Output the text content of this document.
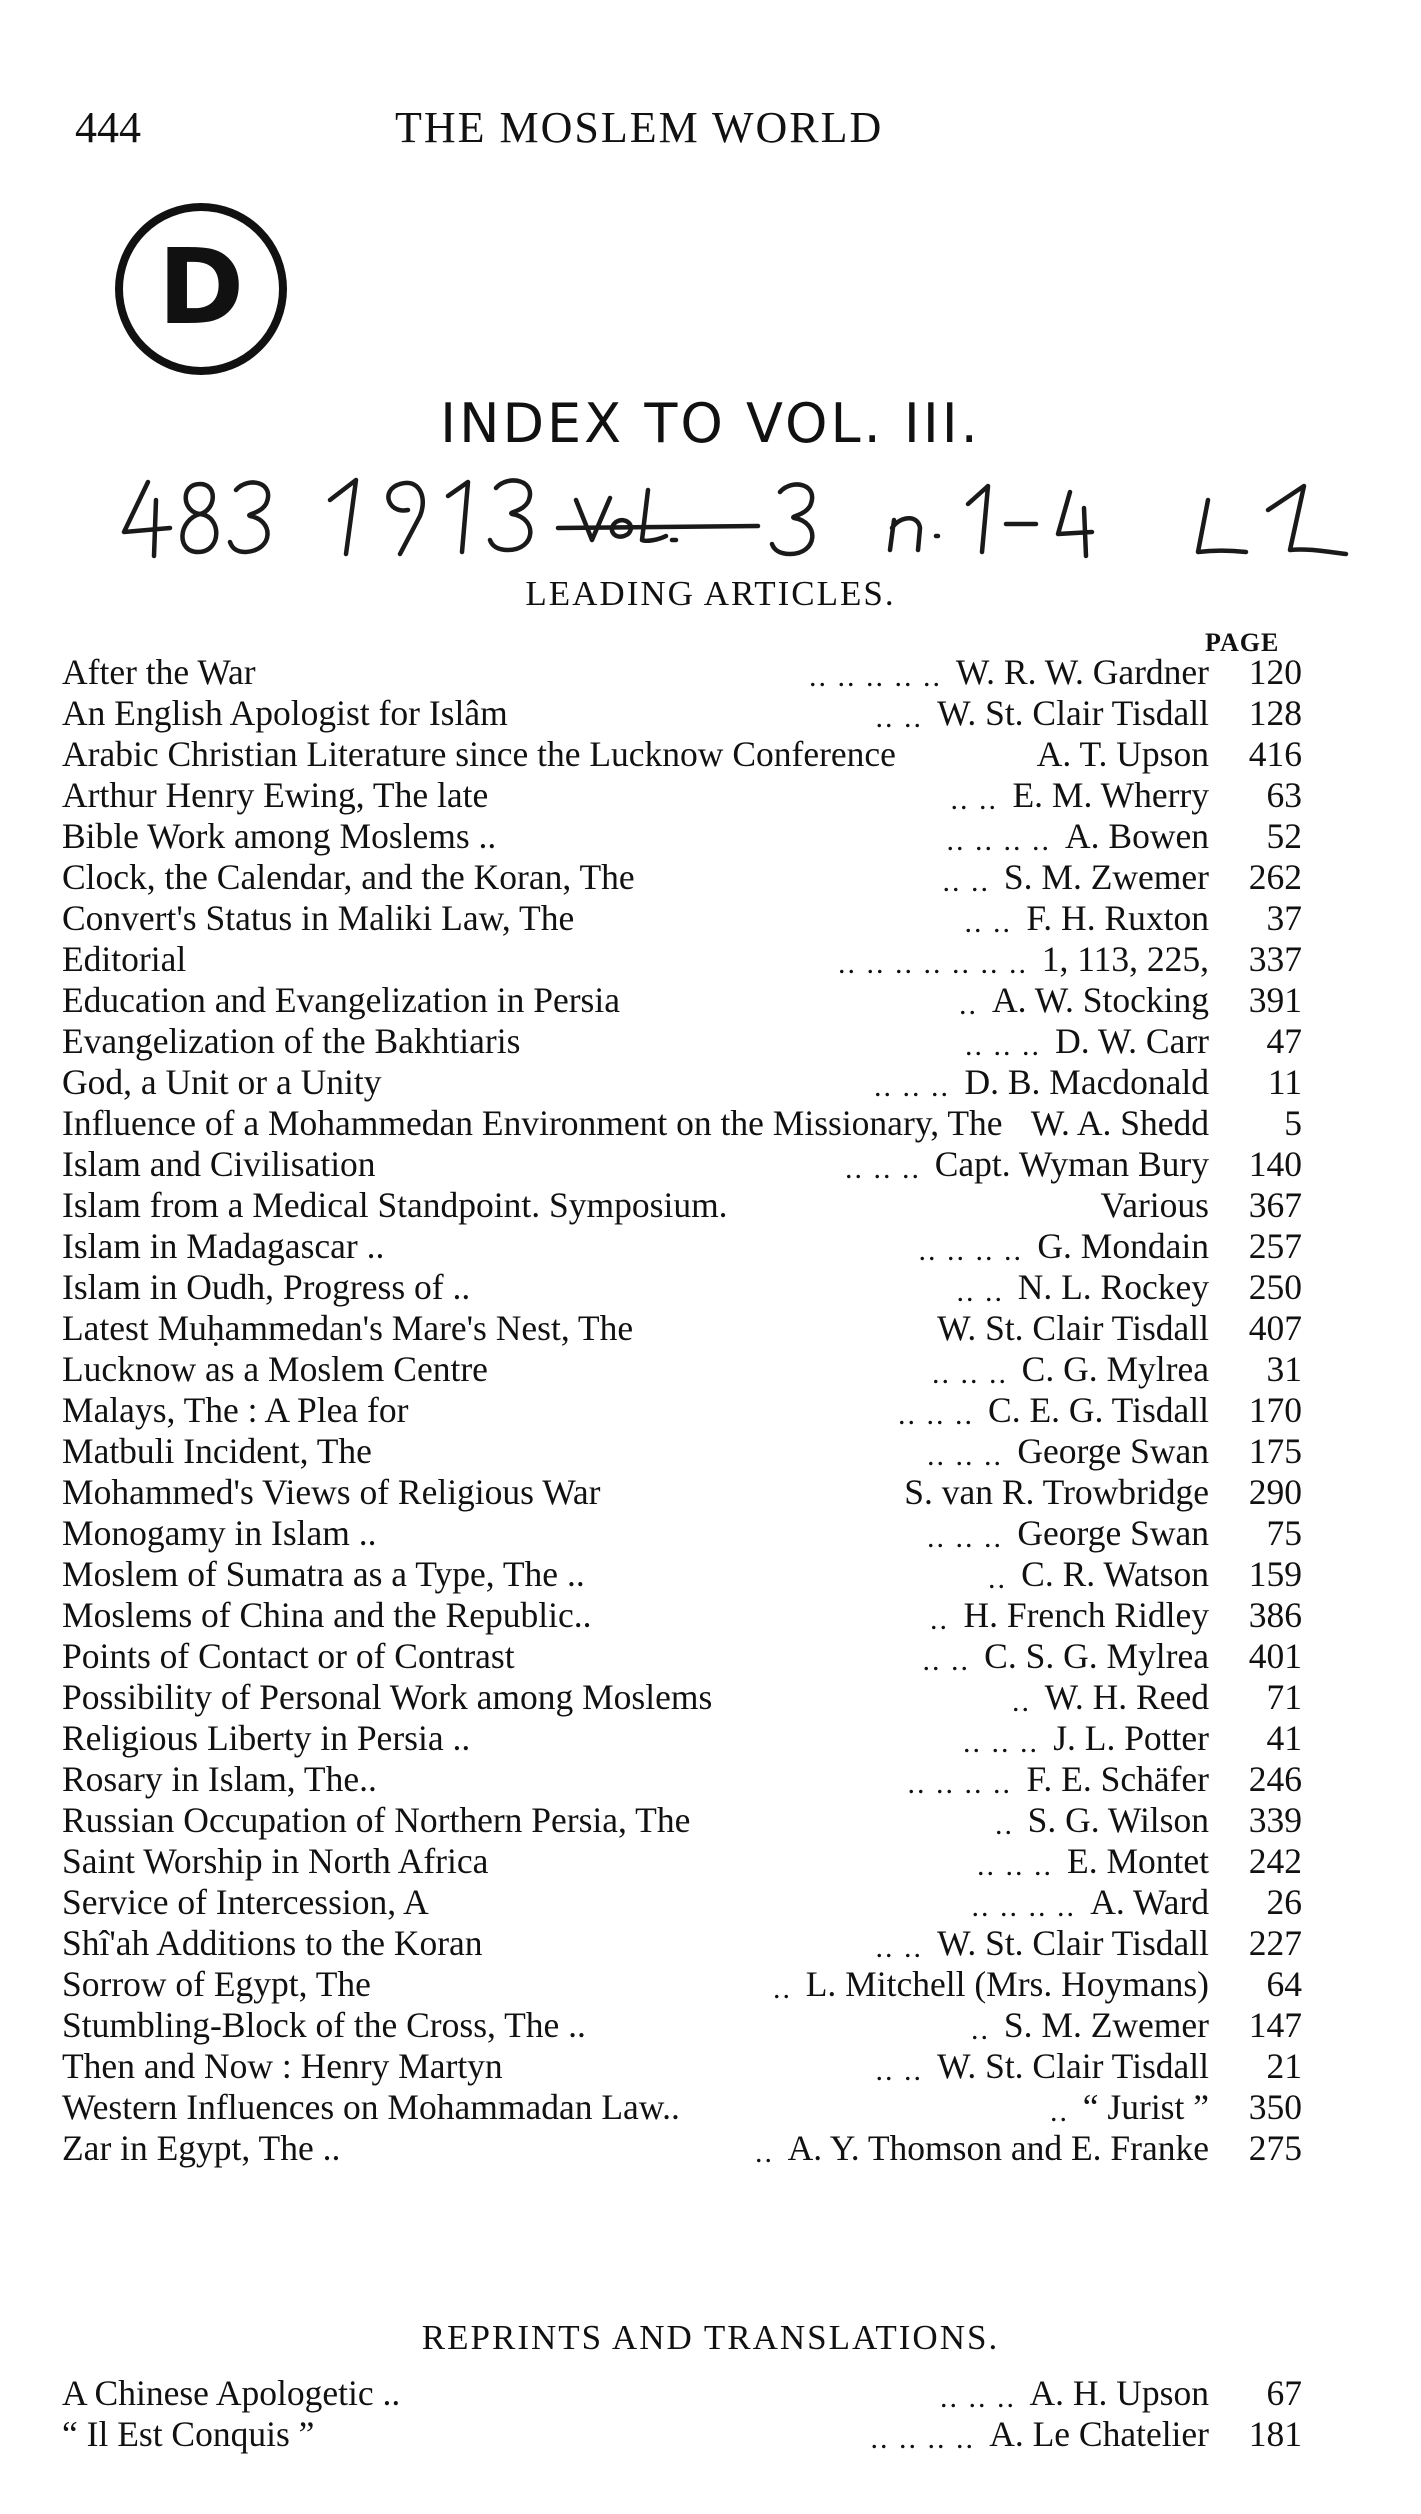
444	THE MOSLEM WORLD
D
INDEX TO VOL. III.
LEADING ARTICLES.
PAGE
After the War	.. .. .. .. .. W. R. W. Gardner	120
An English Apologist for Islâm	.. .. W. St. Clair Tisdall	128
Arabic Christian Literature since the Lucknow Conference	A. T. Upson	416
Arthur Henry Ewing, The late	.. .. E. M. Wherry	63
Bible Work among Moslems ..	.. .. .. .. A. Bowen	52
Clock, the Calendar, and the Koran, The	.. .. S. M. Zwemer	262
Convert's Status in Maliki Law, The	.. .. F. H. Ruxton	37
Editorial	.. .. .. .. .. .. .. 1, 113, 225,	337
Education and Evangelization in Persia	.. A. W. Stocking	391
Evangelization of the Bakhtiaris	.. .. .. D. W. Carr	47
God, a Unit or a Unity	.. .. .. D. B. Macdonald	11
Influence of a Mohammedan Environment on the Missionary, The W. A. Shedd	5
Islam and Civilisation	.. .. .. Capt. Wyman Bury	140
Islam from a Medical Standpoint. Symposium.	Various	367
Islam in Madagascar ..	.. .. .. .. G. Mondain	257
Islam in Oudh, Progress of ..	.. .. N. L. Rockey	250
Latest Muḥammedan's Mare's Nest, The	W. St. Clair Tisdall	407
Lucknow as a Moslem Centre	.. .. .. C. G. Mylrea	31
Malays, The : A Plea for	.. .. .. C. E. G. Tisdall	170
Matbuli Incident, The	.. .. .. George Swan	175
Mohammed's Views of Religious War	S. van R. Trowbridge	290
Monogamy in Islam ..	.. .. .. George Swan	75
Moslem of Sumatra as a Type, The ..	.. C. R. Watson	159
Moslems of China and the Republic..	.. H. French Ridley	386
Points of Contact or of Contrast	.. .. C. S. G. Mylrea	401
Possibility of Personal Work among Moslems	.. W. H. Reed	71
Religious Liberty in Persia ..	.. .. .. J. L. Potter	41
Rosary in Islam, The..	.. .. .. .. F. E. Schäfer	246
Russian Occupation of Northern Persia, The	.. S. G. Wilson	339
Saint Worship in North Africa	.. .. .. E. Montet	242
Service of Intercession, A	.. .. .. .. A. Ward	26
Shî'ah Additions to the Koran	.. .. W. St. Clair Tisdall	227
Sorrow of Egypt, The	.. L. Mitchell (Mrs. Hoymans)	64
Stumbling-Block of the Cross, The ..	.. S. M. Zwemer	147
Then and Now : Henry Martyn	.. .. W. St. Clair Tisdall	21
Western Influences on Mohammadan Law..	.. “ Jurist ”	350
Zar in Egypt, The ..	.. A. Y. Thomson and E. Franke	275
REPRINTS AND TRANSLATIONS.
A Chinese Apologetic ..	.. .. .. A. H. Upson	67
“ Il Est Conquis ”	.. .. .. .. A. Le Chatelier	181
